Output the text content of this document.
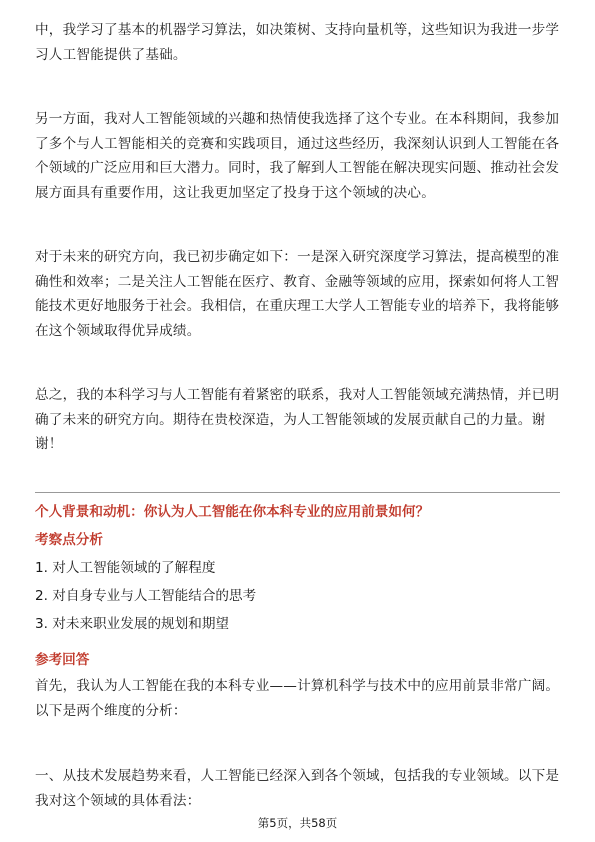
中，我学习了基本的机器学习算法，如决策树、支持向量机等，这些知识为我进一步学习人工智能提供了基础。

另一方面，我对人工智能领域的兴趣和热情使我选择了这个专业。在本科期间，我参加了多个与人工智能相关的竞赛和实践项目，通过这些经历，我深刻认识到人工智能在各个领域的广泛应用和巨大潜力。同时，我了解到人工智能在解决现实问题、推动社会发展方面具有重要作用，这让我更加坚定了投身于这个领域的决心。

对于未来的研究方向，我已初步确定如下：一是深入研究深度学习算法，提高模型的准确性和效率；二是关注人工智能在医疗、教育、金融等领域的应用，探索如何将人工智能技术更好地服务于社会。我相信，在重庆理工大学人工智能专业的培养下，我将能够在这个领域取得优异成绩。

总之，我的本科学习与人工智能有着紧密的联系，我对人工智能领域充满热情，并已明确了未来的研究方向。期待在贵校深造，为人工智能领域的发展贡献自己的力量。谢谢！

个人背景和动机：你认为人工智能在你本科专业的应用前景如何？

考察点分析

1. 对人工智能领域的了解程度

2. 对自身专业与人工智能结合的思考

3. 对未来职业发展的规划和期望

参考回答

首先，我认为人工智能在我的本科专业——计算机科学与技术中的应用前景非常广阔。以下是两个维度的分析：

一、从技术发展趋势来看，人工智能已经深入到各个领域，包括我的专业领域。以下是我对这个领域的具体看法：

第5页，共58页
